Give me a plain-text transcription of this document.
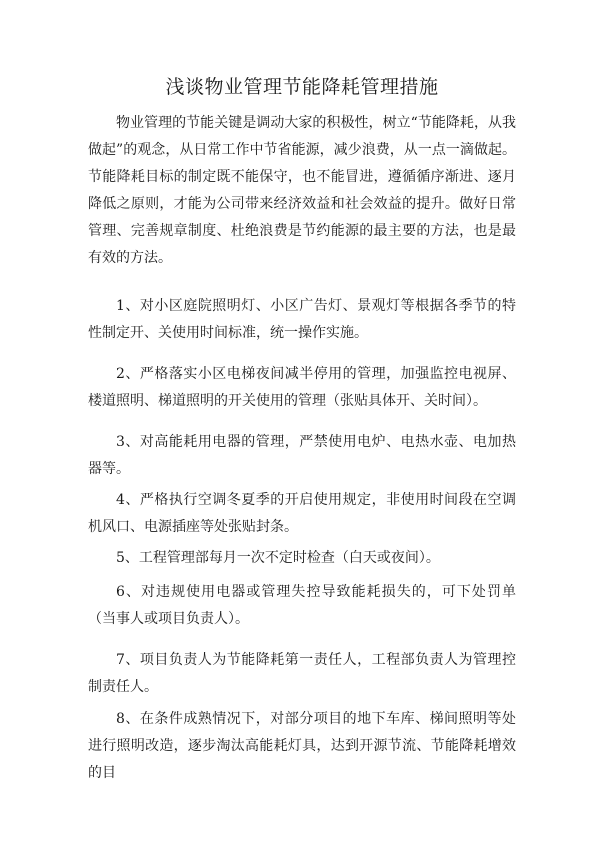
浅谈物业管理节能降耗管理措施

物业管理的节能关键是调动大家的积极性，树立“节能降耗，从我做起”的观念，从日常工作中节省能源，减少浪费，从一点一滴做起。节能降耗目标的制定既不能保守，也不能冒进，遵循循序渐进、逐月降低之原则，才能为公司带来经济效益和社会效益的提升。做好日常管理、完善规章制度、杜绝浪费是节约能源的最主要的方法，也是最有效的方法。

1、对小区庭院照明灯、小区广告灯、景观灯等根据各季节的特性制定开、关使用时间标准，统一操作实施。

2、严格落实小区电梯夜间减半停用的管理，加强监控电视屏、楼道照明、梯道照明的开关使用的管理（张贴具体开、关时间）。

3、对高能耗用电器的管理，严禁使用电炉、电热水壶、电加热器等。

4、严格执行空调冬夏季的开启使用规定，非使用时间段在空调机风口、电源插座等处张贴封条。

5、工程管理部每月一次不定时检查（白天或夜间）。

6、对违规使用电器或管理失控导致能耗损失的，可下处罚单（当事人或项目负责人）。

7、项目负责人为节能降耗第一责任人，工程部负责人为管理控制责任人。

8、在条件成熟情况下，对部分项目的地下车库、梯间照明等处进行照明改造，逐步淘汰高能耗灯具，达到开源节流、节能降耗增效的目
